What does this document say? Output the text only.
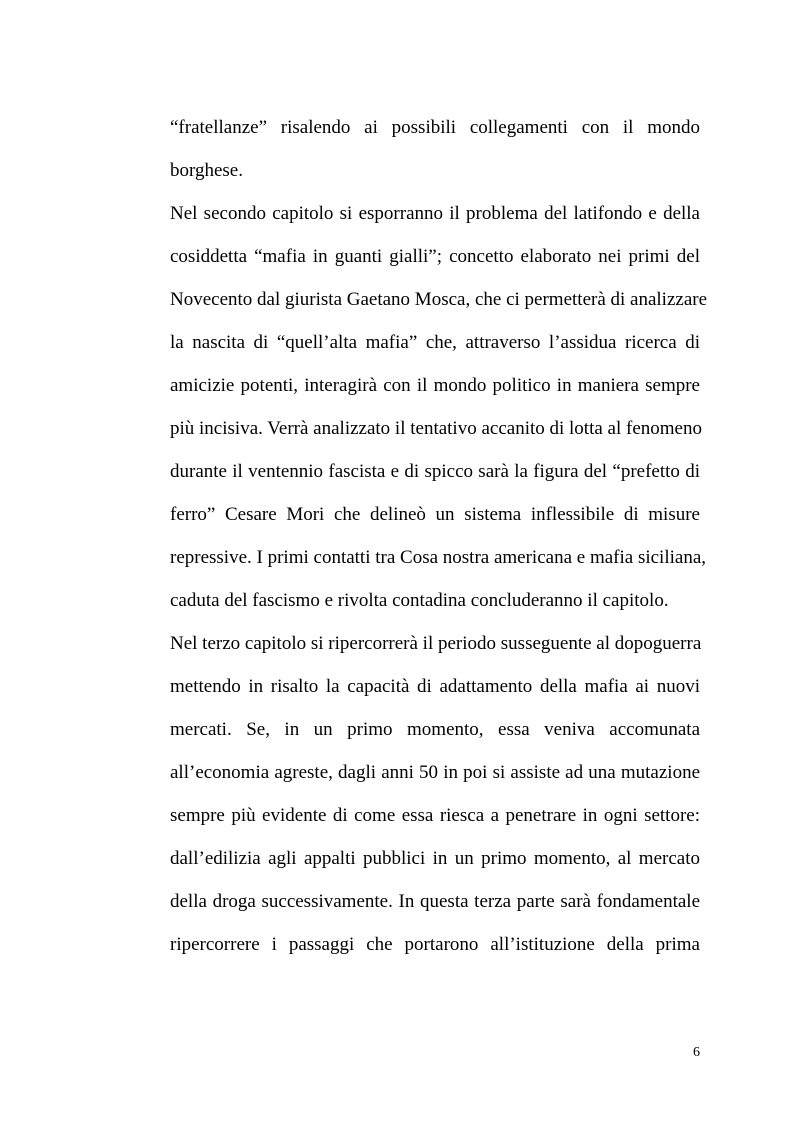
“fratellanze” risalendo ai possibili collegamenti con il mondo
borghese.
Nel secondo capitolo si esporranno il problema del latifondo e della
cosiddetta “mafia in guanti gialli”; concetto elaborato nei primi del
Novecento dal giurista Gaetano Mosca, che ci permetterà di analizzare
la nascita di “quell’alta mafia” che, attraverso l’assidua ricerca di
amicizie potenti, interagirà con il mondo politico in maniera sempre
più incisiva. Verrà analizzato il tentativo accanito di lotta al fenomeno
durante il ventennio fascista e di spicco sarà la figura del “prefetto di
ferro” Cesare Mori che delineò un sistema inflessibile di misure
repressive. I primi contatti tra Cosa nostra americana e mafia siciliana,
caduta del fascismo e rivolta contadina concluderanno il capitolo.
Nel terzo capitolo si ripercorrerà il periodo susseguente al dopoguerra
mettendo in risalto la capacità di adattamento della mafia ai nuovi
mercati. Se, in un primo momento, essa veniva accomunata
all’economia agreste, dagli anni 50 in poi si assiste ad una mutazione
sempre più evidente di come essa riesca a penetrare in ogni settore:
dall’edilizia agli appalti pubblici in un primo momento, al mercato
della droga successivamente. In questa terza parte sarà fondamentale
ripercorrere i passaggi che portarono all’istituzione della prima
6
